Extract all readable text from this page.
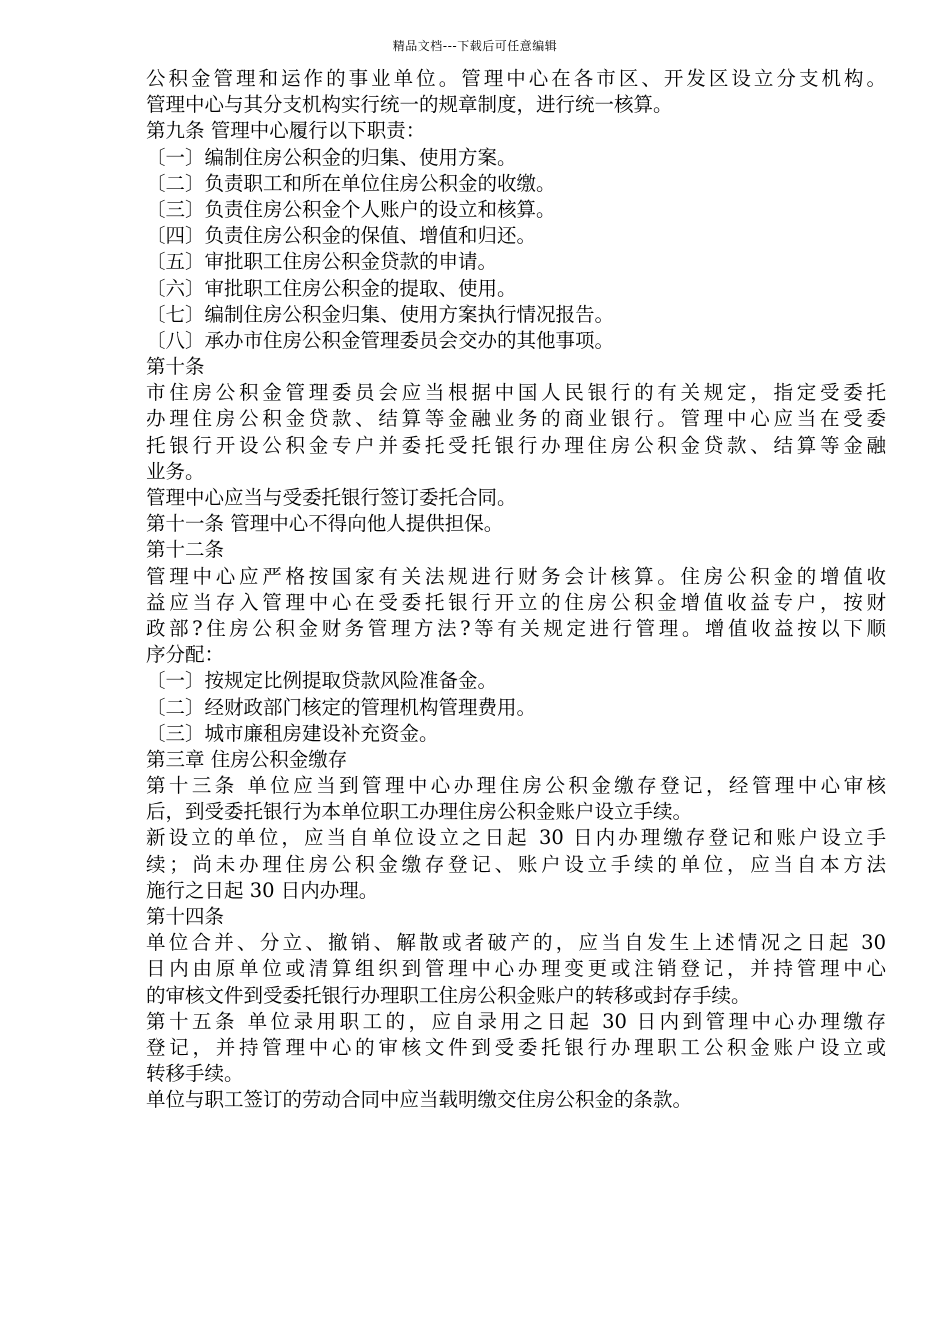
精品文档---下载后可任意编辑
公积金管理和运作的事业单位。管理中心在各市区、开发区设立分支机构。
管理中心与其分支机构实行统一的规章制度，进行统一核算。
第九条 管理中心履行以下职责：
〔一〕编制住房公积金的归集、使用方案。
〔二〕负责职工和所在单位住房公积金的收缴。
〔三〕负责住房公积金个人账户的设立和核算。
〔四〕负责住房公积金的保值、增值和归还。
〔五〕审批职工住房公积金贷款的申请。
〔六〕审批职工住房公积金的提取、使用。
〔七〕编制住房公积金归集、使用方案执行情况报告。
〔八〕承办市住房公积金管理委员会交办的其他事项。
第十条
市住房公积金管理委员会应当根据中国人民银行的有关规定，指定受委托
办理住房公积金贷款、结算等金融业务的商业银行。管理中心应当在受委
托银行开设公积金专户并委托受托银行办理住房公积金贷款、结算等金融
业务。
管理中心应当与受委托银行签订委托合同。
第十一条 管理中心不得向他人提供担保。
第十二条
管理中心应严格按国家有关法规进行财务会计核算。住房公积金的增值收
益应当存入管理中心在受委托银行开立的住房公积金增值收益专户，按财
政部?住房公积金财务管理方法?等有关规定进行管理。增值收益按以下顺
序分配：
〔一〕按规定比例提取贷款风险准备金。
〔二〕经财政部门核定的管理机构管理费用。
〔三〕城市廉租房建设补充资金。
第三章 住房公积金缴存
第十三条 单位应当到管理中心办理住房公积金缴存登记，经管理中心审核
后，到受委托银行为本单位职工办理住房公积金账户设立手续。
新设立的单位，应当自单位设立之日起 30 日内办理缴存登记和账户设立手
续；尚未办理住房公积金缴存登记、账户设立手续的单位，应当自本方法
施行之日起 30 日内办理。
第十四条
单位合并、分立、撤销、解散或者破产的，应当自发生上述情况之日起 30
日内由原单位或清算组织到管理中心办理变更或注销登记，并持管理中心
的审核文件到受委托银行办理职工住房公积金账户的转移或封存手续。
第十五条 单位录用职工的，应自录用之日起 30 日内到管理中心办理缴存
登记，并持管理中心的审核文件到受委托银行办理职工公积金账户设立或
转移手续。
单位与职工签订的劳动合同中应当载明缴交住房公积金的条款。
